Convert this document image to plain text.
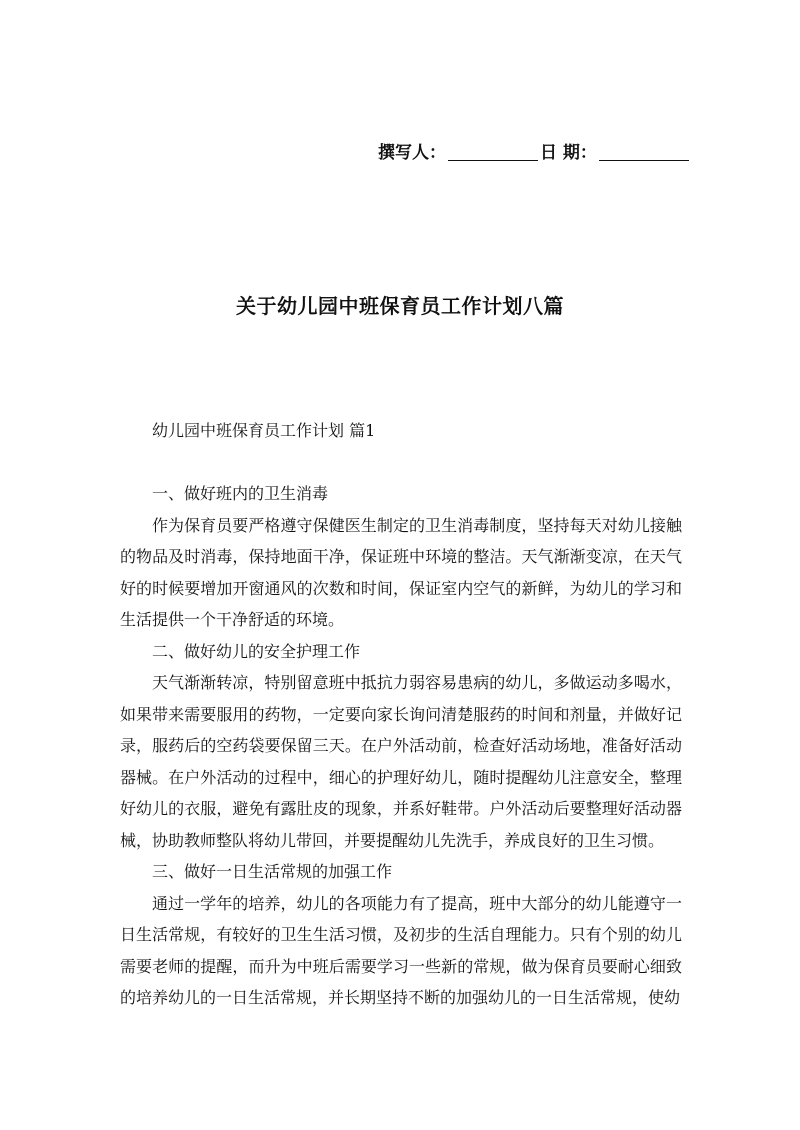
撰写人：	日 期：
关于幼儿园中班保育员工作计划八篇
幼儿园中班保育员工作计划 篇1

一、做好班内的卫生消毒

作为保育员要严格遵守保健医生制定的卫生消毒制度，坚持每天对幼儿接触的物品及时消毒，保持地面干净，保证班中环境的整洁。天气渐渐变凉，在天气好的时候要增加开窗通风的次数和时间，保证室内空气的新鲜，为幼儿的学习和生活提供一个干净舒适的环境。

二、做好幼儿的安全护理工作

天气渐渐转凉，特别留意班中抵抗力弱容易患病的幼儿，多做运动多喝水，如果带来需要服用的药物，一定要向家长询问清楚服药的时间和剂量，并做好记录，服药后的空药袋要保留三天。在户外活动前，检查好活动场地，准备好活动器械。在户外活动的过程中，细心的护理好幼儿，随时提醒幼儿注意安全，整理好幼儿的衣服，避免有露肚皮的现象，并系好鞋带。户外活动后要整理好活动器械，协助教师整队将幼儿带回，并要提醒幼儿先洗手，养成良好的卫生习惯。

三、做好一日生活常规的加强工作

通过一学年的培养，幼儿的各项能力有了提高，班中大部分的幼儿能遵守一日生活常规，有较好的卫生生活习惯，及初步的生活自理能力。只有个别的幼儿需要老师的提醒，而升为中班后需要学习一些新的常规，做为保育员要耐心细致的培养幼儿的一日生活常规，并长期坚持不断的加强幼儿的一日生活常规，使幼
